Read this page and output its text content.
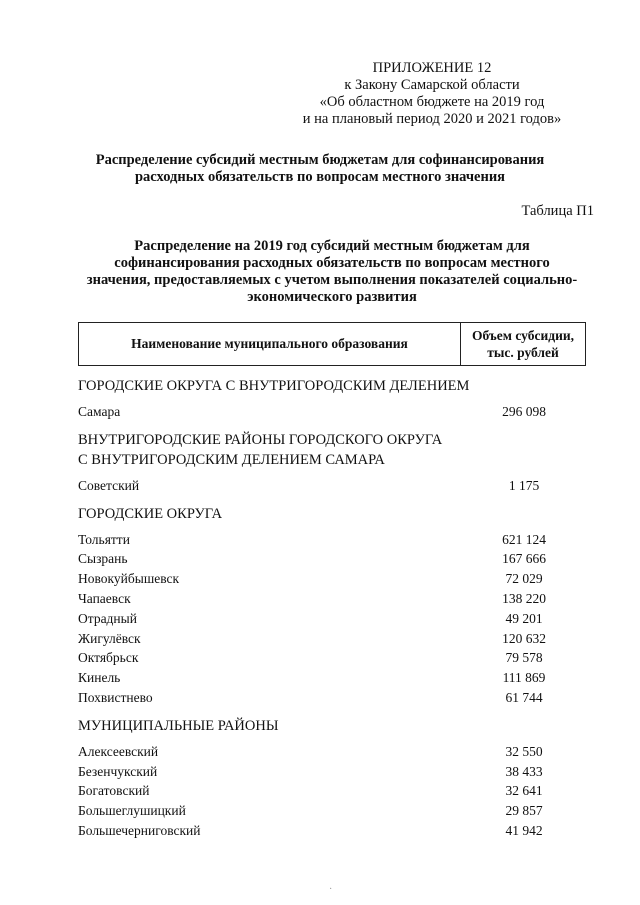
ПРИЛОЖЕНИЕ 12
к Закону Самарской области
«Об областном бюджете на 2019 год
и на плановый период 2020 и 2021 годов»
Распределение субсидий местным бюджетам для софинансирования
расходных обязательств по вопросам местного значения
Таблица П1
Распределение на 2019 год субсидий местным бюджетам для
софинансирования расходных обязательств по вопросам местного
значения, предоставляемых с учетом выполнения показателей социально-
экономического развития
Наименование муниципального образования
Объем субсидии,
тыс. рублей
ГОРОДСКИЕ ОКРУГА С ВНУТРИГОРОДСКИМ ДЕЛЕНИЕМ
Самара	296 098
ВНУТРИГОРОДСКИЕ РАЙОНЫ ГОРОДСКОГО ОКРУГА
С ВНУТРИГОРОДСКИМ ДЕЛЕНИЕМ САМАРА
Советский	1 175
ГОРОДСКИЕ ОКРУГА
Тольятти	621 124
Сызрань	167 666
Новокуйбышевск	72 029
Чапаевск	138 220
Отрадный	49 201
Жигулёвск	120 632
Октябрьск	79 578
Кинель	111 869
Похвистнево	61 744
МУНИЦИПАЛЬНЫЕ РАЙОНЫ
Алексеевский	32 550
Безенчукский	38 433
Богатовский	32 641
Большеглушицкий	29 857
Большечерниговский	41 942
·
